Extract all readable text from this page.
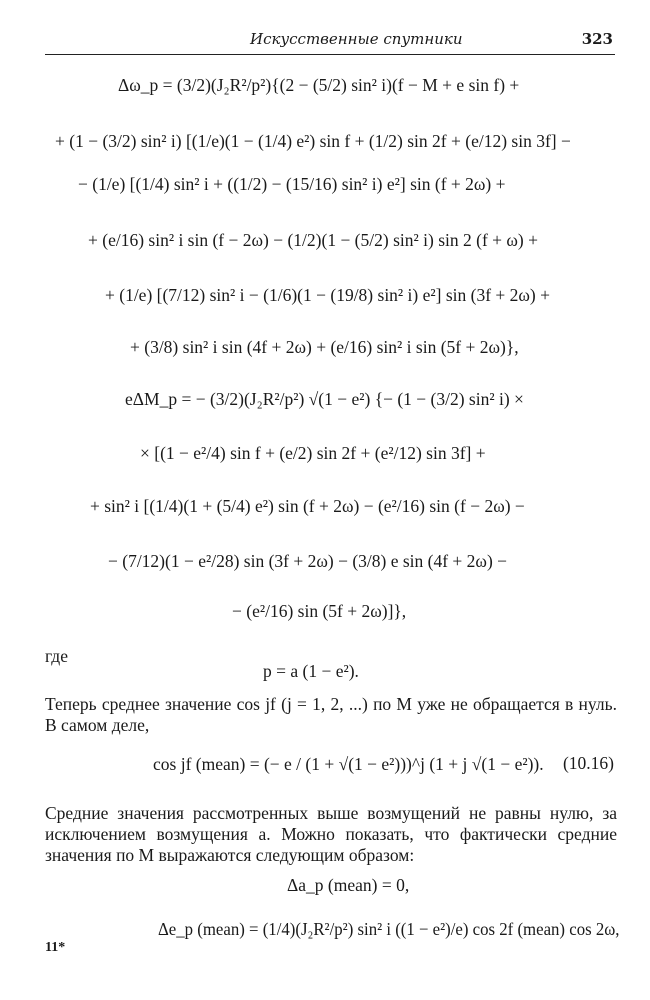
Искусственные спутники	323
Δω_p = (3/2)(J₂R²/p²){(2 − (5/2) sin² i)(f − M + e sin f) +
+ (1 − (3/2) sin² i) [(1/e)(1 − (1/4) e²) sin f + (1/2) sin 2f + (e/12) sin 3f] −
− (1/e) [(1/4) sin² i + ((1/2) − (15/16) sin² i) e²] sin (f + 2ω) +
+ (e/16) sin² i sin (f − 2ω) − (1/2)(1 − (5/2) sin² i) sin 2 (f + ω) +
+ (1/e) [(7/12) sin² i − (1/6)(1 − (19/8) sin² i) e²] sin (3f + 2ω) +
+ (3/8) sin² i sin (4f + 2ω) + (e/16) sin² i sin (5f + 2ω)},
eΔM_p = − (3/2)(J₂R²/p²) √(1 − e²) {− (1 − (3/2) sin² i) ×
× [(1 − e²/4) sin f + (e/2) sin 2f + (e²/12) sin 3f] +
+ sin² i [(1/4)(1 + (5/4) e²) sin (f + 2ω) − (e²/16) sin (f − 2ω) −
− (7/12)(1 − e²/28) sin (3f + 2ω) − (3/8) e sin (4f + 2ω) −
− (e²/16) sin (5f + 2ω)]},
где
p = a (1 − e²).
Теперь среднее значение cos jf (j = 1, 2, ...) по M уже не обращается в нуль. В самом деле,
cos jf (mean) = (− e / (1 + √(1 − e²)))^j (1 + j √(1 − e²)). (10.16)
Средние значения рассмотренных выше возмущений не равны нулю, за исключением возмущения a. Можно показать, что фактически средние значения по M выражаются следующим образом:
Δa_p (mean) = 0,
Δe_p (mean) = (1/4)(J₂R²/p²) sin² i ((1 − e²)/e) cos 2f (mean) cos 2ω,
11*
